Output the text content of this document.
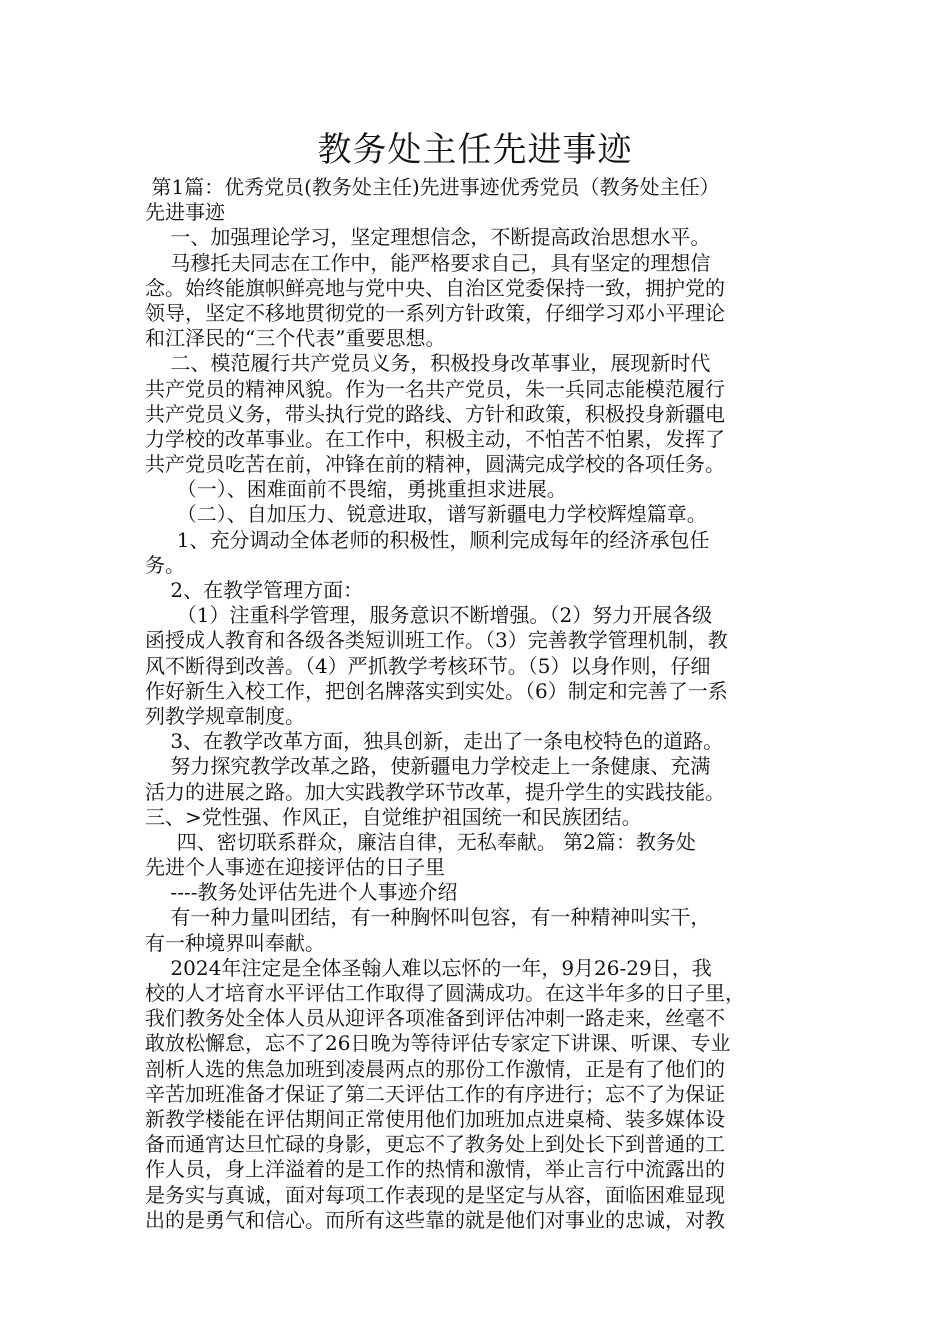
教务处主任先进事迹
第1篇：优秀党员(教务处主任)先进事迹优秀党员（教务处主任）
先进事迹
一、加强理论学习，坚定理想信念，不断提高政治思想水平。
马穆托夫同志在工作中，能严格要求自己，具有坚定的理想信
念。始终能旗帜鲜亮地与党中央、自治区党委保持一致，拥护党的
领导，坚定不移地贯彻党的一系列方针政策，仔细学习邓小平理论
和江泽民的“三个代表”重要思想。
二、模范履行共产党员义务，积极投身改革事业，展现新时代
共产党员的精神风貌。作为一名共产党员，朱一兵同志能模范履行
共产党员义务，带头执行党的路线、方针和政策，积极投身新疆电
力学校的改革事业。在工作中，积极主动，不怕苦不怕累，发挥了
共产党员吃苦在前，冲锋在前的精神，圆满完成学校的各项任务。
（一）、困难面前不畏缩，勇挑重担求进展。
（二）、自加压力、锐意进取，谱写新疆电力学校辉煌篇章。
1、充分调动全体老师的积极性，顺利完成每年的经济承包任
务。
2、在教学管理方面：
（1）注重科学管理，服务意识不断增强。（2）努力开展各级
函授成人教育和各级各类短训班工作。（3）完善教学管理机制，教
风不断得到改善。（4）严抓教学考核环节。（5）以身作则，仔细
作好新生入校工作，把创名牌落实到实处。（6）制定和完善了一系
列教学规章制度。
3、在教学改革方面，独具创新，走出了一条电校特色的道路。
努力探究教学改革之路，使新疆电力学校走上一条健康、充满
活力的进展之路。加大实践教学环节改革，提升学生的实践技能。
三、>党性强、作风正，自觉维护祖国统一和民族团结。
四、密切联系群众，廉洁自律，无私奉献。 第2篇：教务处
先进个人事迹在迎接评估的日子里
----教务处评估先进个人事迹介绍
有一种力量叫团结，有一种胸怀叫包容，有一种精神叫实干，
有一种境界叫奉献。
2024年注定是全体圣翰人难以忘怀的一年，9月26-29日，我
校的人才培育水平评估工作取得了圆满成功。在这半年多的日子里，
我们教务处全体人员从迎评各项准备到评估冲刺一路走来，丝毫不
敢放松懈怠，忘不了26日晚为等待评估专家定下讲课、听课、专业
剖析人选的焦急加班到凌晨两点的那份工作激情，正是有了他们的
辛苦加班准备才保证了第二天评估工作的有序进行；忘不了为保证
新教学楼能在评估期间正常使用他们加班加点进桌椅、装多媒体设
备而通宵达旦忙碌的身影，更忘不了教务处上到处长下到普通的工
作人员，身上洋溢着的是工作的热情和激情，举止言行中流露出的
是务实与真诚，面对每项工作表现的是坚定与从容，面临困难显现
出的是勇气和信心。而所有这些靠的就是他们对事业的忠诚，对教
